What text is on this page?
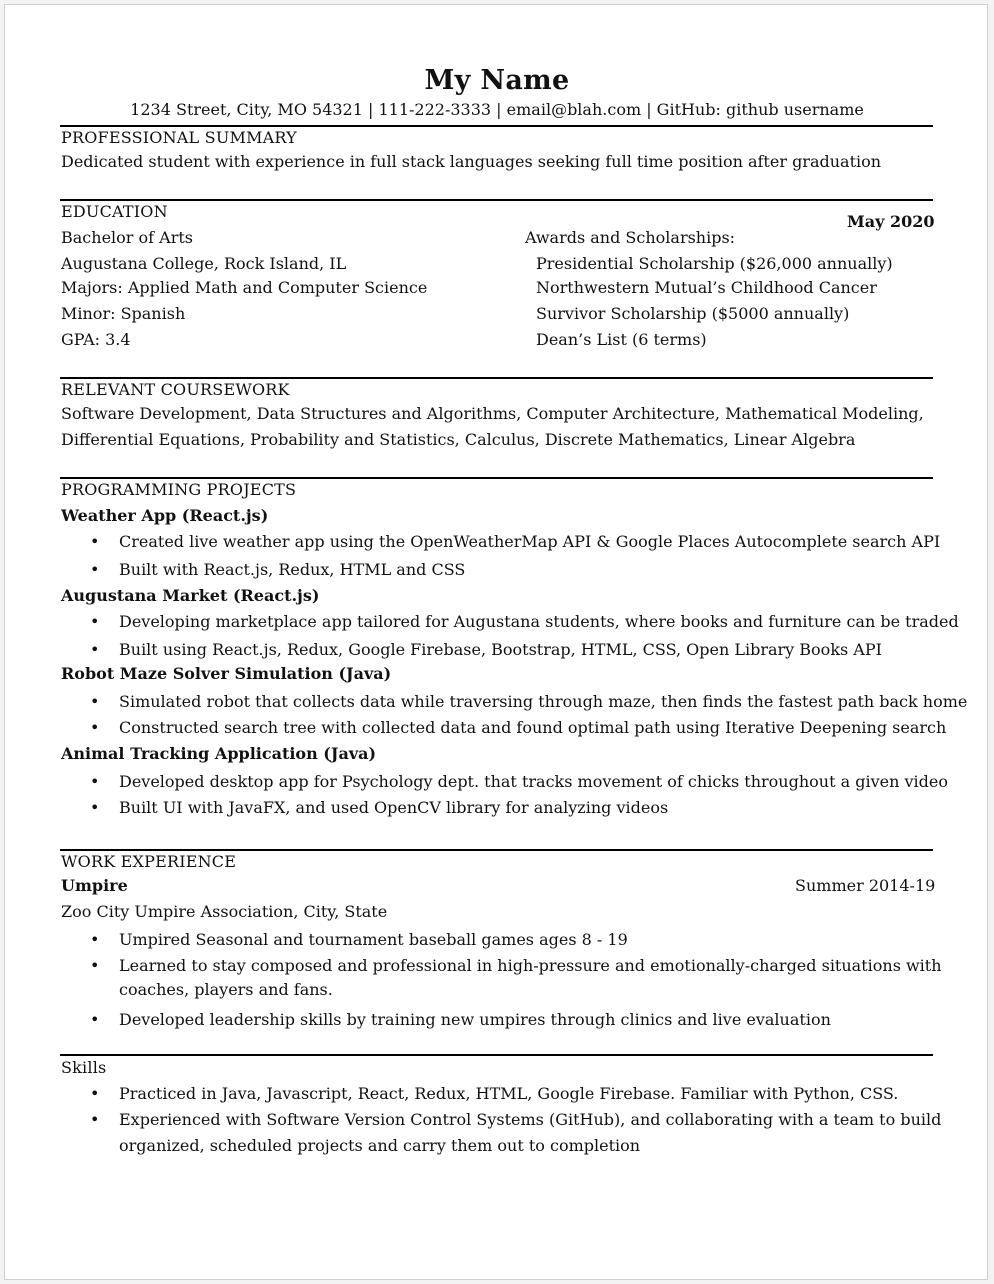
My Name
1234 Street, City, MO 54321 | 111-222-3333 | email@blah.com | GitHub: github username
PROFESSIONAL SUMMARY
Dedicated student with experience in full stack languages seeking full time position after graduation
EDUCATION
May 2020
Bachelor of Arts
Augustana College, Rock Island, IL
Majors: Applied Math and Computer Science
Minor: Spanish
GPA: 3.4
Awards and Scholarships:
Presidential Scholarship ($26,000 annually)
Northwestern Mutual’s Childhood Cancer
Survivor Scholarship ($5000 annually)
Dean’s List (6 terms)
RELEVANT COURSEWORK
Software Development, Data Structures and Algorithms, Computer Architecture, Mathematical Modeling,
Differential Equations, Probability and Statistics, Calculus, Discrete Mathematics, Linear Algebra
PROGRAMMING PROJECTS
Weather App (React.js)
• Created live weather app using the OpenWeatherMap API & Google Places Autocomplete search API
• Built with React.js, Redux, HTML and CSS
Augustana Market (React.js)
• Developing marketplace app tailored for Augustana students, where books and furniture can be traded
• Built using React.js, Redux, Google Firebase, Bootstrap, HTML, CSS, Open Library Books API
Robot Maze Solver Simulation (Java)
• Simulated robot that collects data while traversing through maze, then finds the fastest path back home
• Constructed search tree with collected data and found optimal path using Iterative Deepening search
Animal Tracking Application (Java)
• Developed desktop app for Psychology dept. that tracks movement of chicks throughout a given video
• Built UI with JavaFX, and used OpenCV library for analyzing videos
WORK EXPERIENCE
Umpire	Summer 2014-19
Zoo City Umpire Association, City, State
• Umpired Seasonal and tournament baseball games ages 8 - 19
• Learned to stay composed and professional in high-pressure and emotionally-charged situations with
coaches, players and fans.
• Developed leadership skills by training new umpires through clinics and live evaluation
Skills
• Practiced in Java, Javascript, React, Redux, HTML, Google Firebase. Familiar with Python, CSS.
• Experienced with Software Version Control Systems (GitHub), and collaborating with a team to build
organized, scheduled projects and carry them out to completion
